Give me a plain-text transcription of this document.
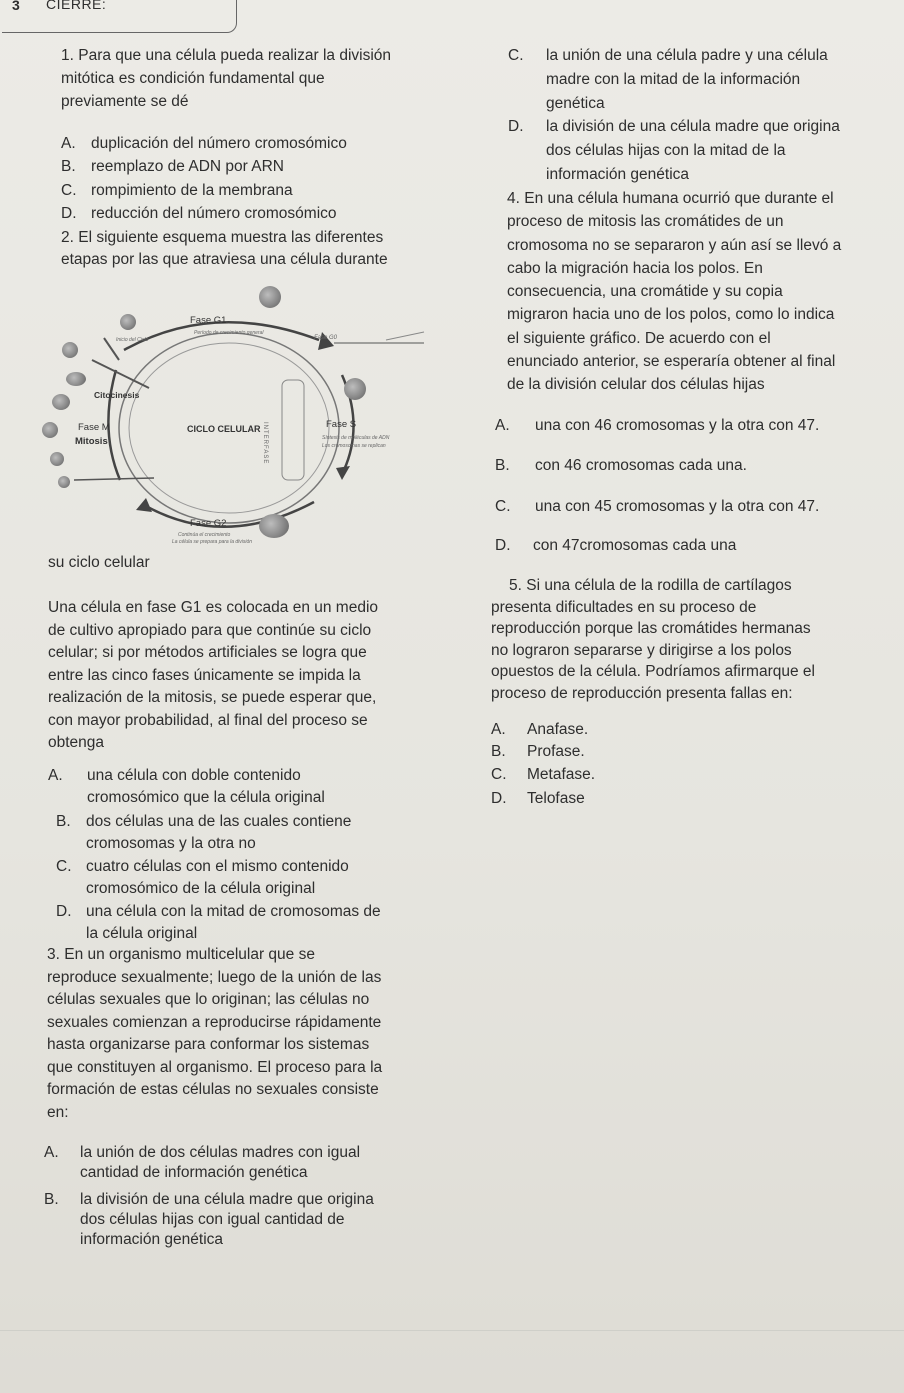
3 CIERRE:
1. Para que una célula pueda realizar la división
mitótica es condición fundamental que
previamente se dé
A. duplicación del número cromosómico
B. reemplazo de ADN por ARN
C. rompimiento de la membrana
D. reducción del número cromosómico
2. El siguiente esquema muestra las diferentes
etapas por las que atraviesa una célula durante
Fase G1
Período de crecimiento general
Inicio del Ciclo	Fase G0
Citocinesis
Fase M
Mitosis
CICLO CELULAR	Fase S
Síntesis de moléculas de ADN
Los cromosomas se replican
Fase G2
Continúa el crecimiento
La célula se prepara para la división
INTERFASE
su ciclo celular
Una célula en fase G1 es colocada en un medio
de cultivo apropiado para que continúe su ciclo
celular; si por métodos artificiales se logra que
entre las cinco fases únicamente se impida la
realización de la mitosis, se puede esperar que,
con mayor probabilidad, al final del proceso se
obtenga
A. una célula con doble contenido
cromosómico que la célula original
B. dos células una de las cuales contiene
cromosomas y la otra no
C. cuatro células con el mismo contenido
cromosómico de la célula original
D. una célula con la mitad de cromosomas de
la célula original
3. En un organismo multicelular que se
reproduce sexualmente; luego de la unión de las
células sexuales que lo originan; las células no
sexuales comienzan a reproducirse rápidamente
hasta organizarse para conformar los sistemas
que constituyen al organismo. El proceso para la
formación de estas células no sexuales consiste
en:
A. la unión de dos células madres con igual
cantidad de información genética
B. la división de una célula madre que origina
dos células hijas con igual cantidad de
información genética
C. la unión de una célula padre y una célula
madre con la mitad de la información
genética
D. la división de una célula madre que origina
dos células hijas con la mitad de la
información genética
4. En una célula humana ocurrió que durante el
proceso de mitosis las cromátides de un
cromosoma no se separaron y aún así se llevó a
cabo la migración hacia los polos. En
consecuencia, una cromátide y su copia
migraron hacia uno de los polos, como lo indica
el siguiente gráfico. De acuerdo con el
enunciado anterior, se esperaría obtener al final
de la división celular dos células hijas
A. una con 46 cromosomas y la otra con 47.
B. con 46 cromosomas cada una.
C. una con 45 cromosomas y la otra con 47.
D. con 47cromosomas cada una
5. Si una célula de la rodilla de cartílagos
presenta dificultades en su proceso de
reproducción porque las cromátides hermanas
no lograron separarse y dirigirse a los polos
opuestos de la célula. Podríamos afirmarque el
proceso de reproducción presenta fallas en:
A. Anafase.
B. Profase.
C. Metafase.
D. Telofase
